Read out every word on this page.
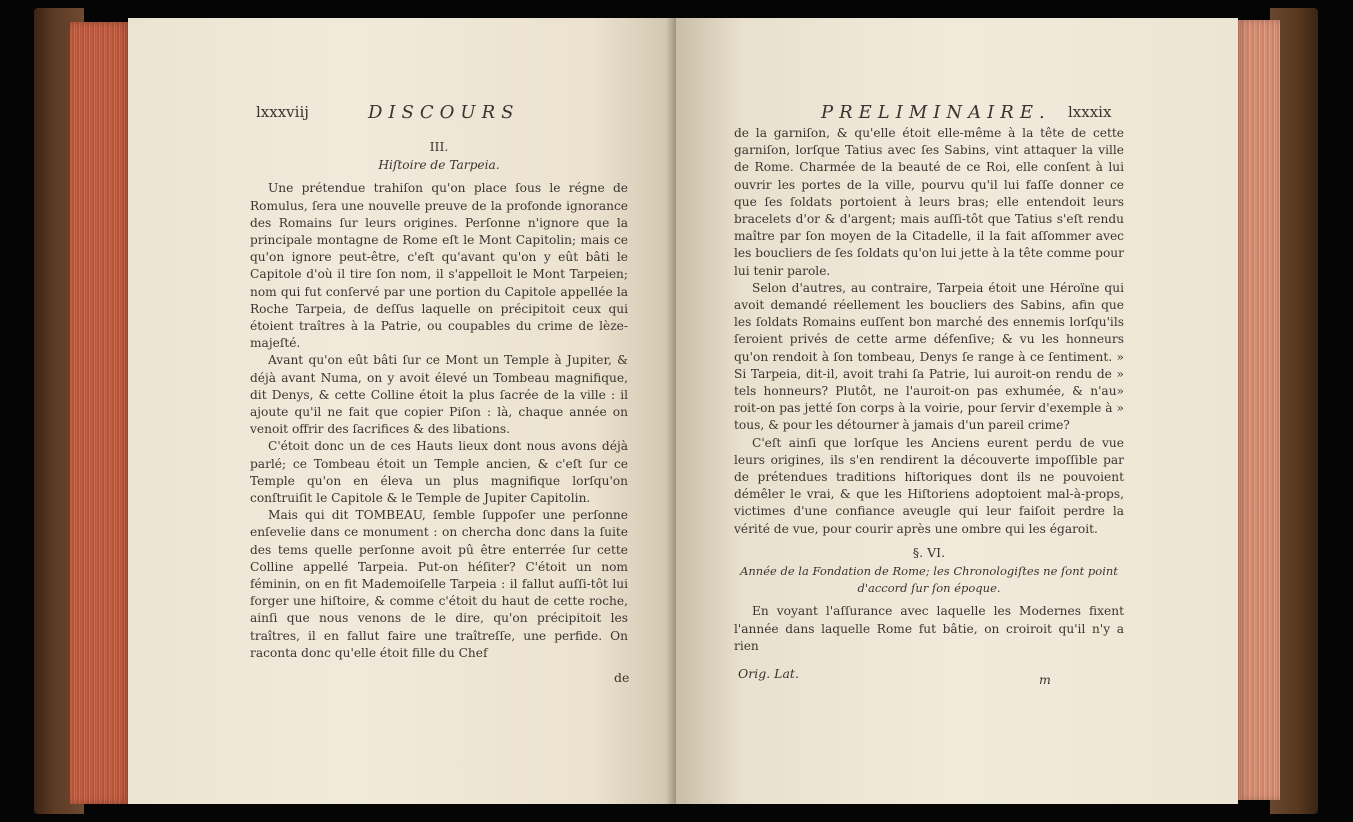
lxxxviij	DISCOURS

III.

Hiſtoire de Tarpeia.

Une prétendue trahiſon qu'on place ſous le régne de Romulus, ſera une nouvelle preuve de la profonde ignorance des Romains ſur leurs origines. Perſonne n'ignore que la principale montagne de Rome eſt le Mont Capitolin; mais ce qu'on ignore peut-être, c'eſt qu'avant qu'on y eût bâti le Capitole d'où il tire ſon nom, il s'appelloit le Mont Tarpeien; nom qui fut conſervé par une portion du Capitole appellée la Roche Tarpeia, de deſſus laquelle on précipitoit ceux qui étoient traîtres à la Patrie, ou coupables du crime de lèze-majeſté.

Avant qu'on eût bâti ſur ce Mont un Temple à Jupiter, & déjà avant Numa, on y avoit élevé un Tombeau magnifique, dit Denys, & cette Colline étoit la plus ſacrée de la ville : il ajoute qu'il ne fait que copier Piſon : là, chaque année on venoit offrir des ſacrifices & des libations.

C'étoit donc un de ces Hauts lieux dont nous avons déjà parlé; ce Tombeau étoit un Temple ancien, & c'eſt ſur ce Temple qu'on en éleva un plus magnifique lorſqu'on conſtruiſit le Capitole & le Temple de Jupiter Capitolin.

Mais qui dit TOMBEAU, ſemble ſuppoſer une perſonne enſevelie dans ce monument : on chercha donc dans la ſuite des tems quelle perſonne avoit pû être enterrée ſur cette Colline appellé Tarpeia. Put-on héſiter? C'étoit un nom féminin, on en fit Mademoiſelle Tarpeia : il fallut auſſi-tôt lui forger une hiſtoire, & comme c'étoit du haut de cette roche, ainſi que nous venons de le dire, qu'on précipitoit les traîtres, il en fallut faire une traîtreſſe, une perfide. On raconta donc qu'elle étoit fille du Chef

de
PRELIMINAIRE. lxxxix

de la garniſon, & qu'elle étoit elle-même à la tête de cette garniſon, lorſque Tatius avec ſes Sabins, vint attaquer la ville de Rome. Charmée de la beauté de ce Roi, elle conſent à lui ouvrir les portes de la ville, pourvu qu'il lui faſſe donner ce que ſes ſoldats portoient à leurs bras; elle entendoit leurs bracelets d'or & d'argent; mais auſſi-tôt que Tatius s'eſt rendu maître par ſon moyen de la Citadelle, il la fait aſſommer avec les boucliers de ſes ſoldats qu'on lui jette à la tête comme pour lui tenir parole.

Selon d'autres, au contraire, Tarpeia étoit une Héroïne qui avoit demandé réellement les boucliers des Sabins, afin que les ſoldats Romains euſſent bon marché des ennemis lorſqu'ils ſeroient privés de cette arme défenſive; & vu les honneurs qu'on rendoit à ſon tombeau, Denys ſe range à ce ſentiment. » Si Tarpeia, dit-il, avoit trahi ſa Patrie, lui auroit-on rendu de » tels honneurs? Plutôt, ne l'auroit-on pas exhumée, & n'au» roit-on pas jetté ſon corps à la voirie, pour ſervir d'exemple à » tous, & pour les détourner à jamais d'un pareil crime?

C'eſt ainſi que lorſque les Anciens eurent perdu de vue leurs origines, ils s'en rendirent la découverte impoſſible par de prétendues traditions hiſtoriques dont ils ne pouvoient démêler le vrai, & que les Hiſtoriens adoptoient mal-à-props, victimes d'une confiance aveugle qui leur faiſoit perdre la vérité de vue, pour courir après une ombre qui les égaroit.

§. VI.

Année de la Fondation de Rome; les Chronologiſtes ne ſont point d'accord ſur ſon époque.

En voyant l'aſſurance avec laquelle les Modernes fixent l'année dans laquelle Rome fut bâtie, on croiroit qu'il n'y a rien

Orig. Lat.	m
